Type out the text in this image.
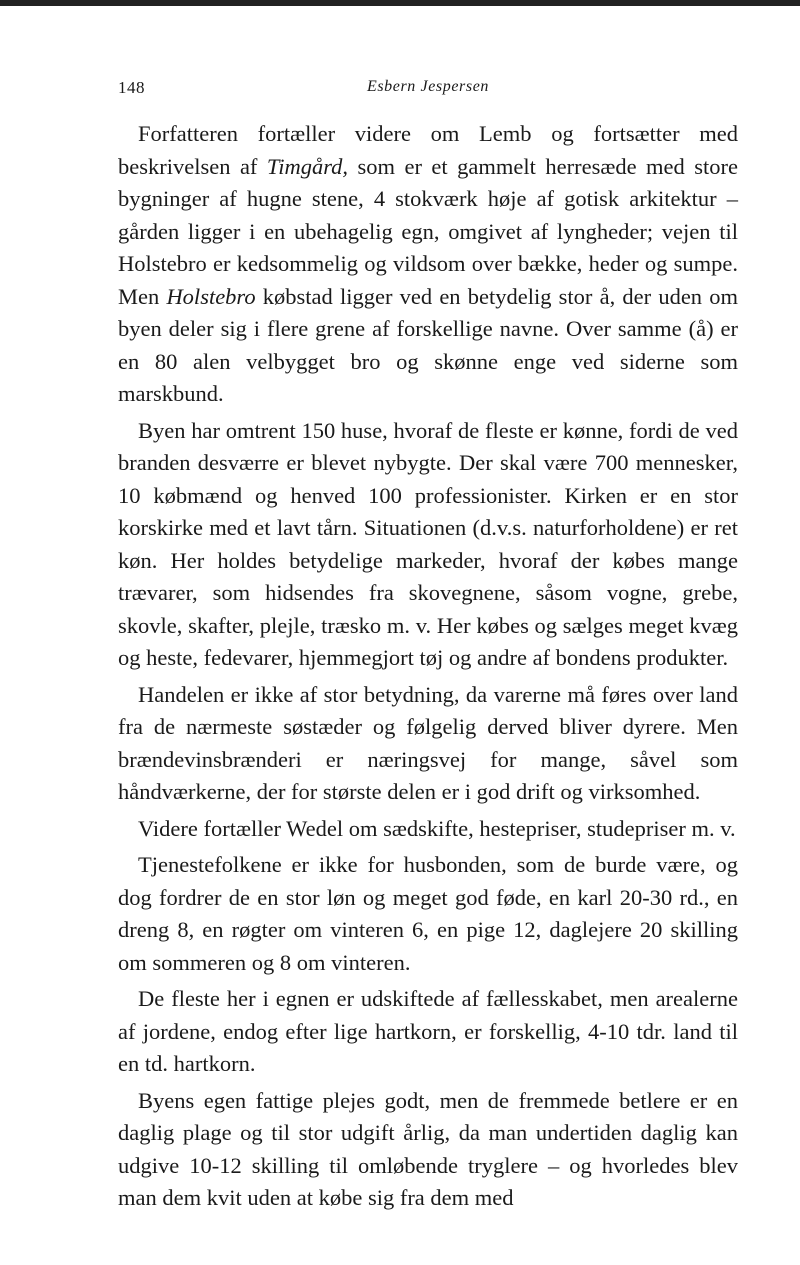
148	Esbern Jespersen

Forfatteren fortæller videre om Lemb og fortsætter med beskrivelsen af Timgård, som er et gammelt herresæde med store bygninger af hugne stene, 4 stokværk høje af gotisk arkitektur – gården ligger i en ubehagelig egn, omgivet af lyngheder; vejen til Holstebro er kedsommelig og vildsom over bække, heder og sumpe. Men Holstebro købstad ligger ved en betydelig stor å, der uden om byen deler sig i flere grene af forskellige navne. Over samme (å) er en 80 alen velbygget bro og skønne enge ved siderne som marskbund.

Byen har omtrent 150 huse, hvoraf de fleste er kønne, fordi de ved branden desværre er blevet nybygte. Der skal være 700 mennesker, 10 købmænd og henved 100 professionister. Kirken er en stor korskirke med et lavt tårn. Situationen (d.v.s. naturforholdene) er ret køn. Her holdes betydelige markeder, hvoraf der købes mange trævarer, som hidsendes fra skovegnene, såsom vogne, grebe, skovle, skafter, plejle, træsko m. v. Her købes og sælges meget kvæg og heste, fedevarer, hjemmegjort tøj og andre af bondens produkter.

Handelen er ikke af stor betydning, da varerne må føres over land fra de nærmeste søstæder og følgelig derved bliver dyrere. Men brændevinsbrænderi er næringsvej for mange, såvel som håndværkerne, der for største delen er i god drift og virksomhed.

Videre fortæller Wedel om sædskifte, hestepriser, studepriser m. v.

Tjenestefolkene er ikke for husbonden, som de burde være, og dog fordrer de en stor løn og meget god føde, en karl 20-30 rd., en dreng 8, en røgter om vinteren 6, en pige 12, daglejere 20 skilling om sommeren og 8 om vinteren.

De fleste her i egnen er udskiftede af fællesskabet, men arealerne af jordene, endog efter lige hartkorn, er forskellig, 4-10 tdr. land til en td. hartkorn.

Byens egen fattige plejes godt, men de fremmede betlere er en daglig plage og til stor udgift årlig, da man undertiden daglig kan udgive 10-12 skilling til omløbende tryglere – og hvorledes blev man dem kvit uden at købe sig fra dem med
